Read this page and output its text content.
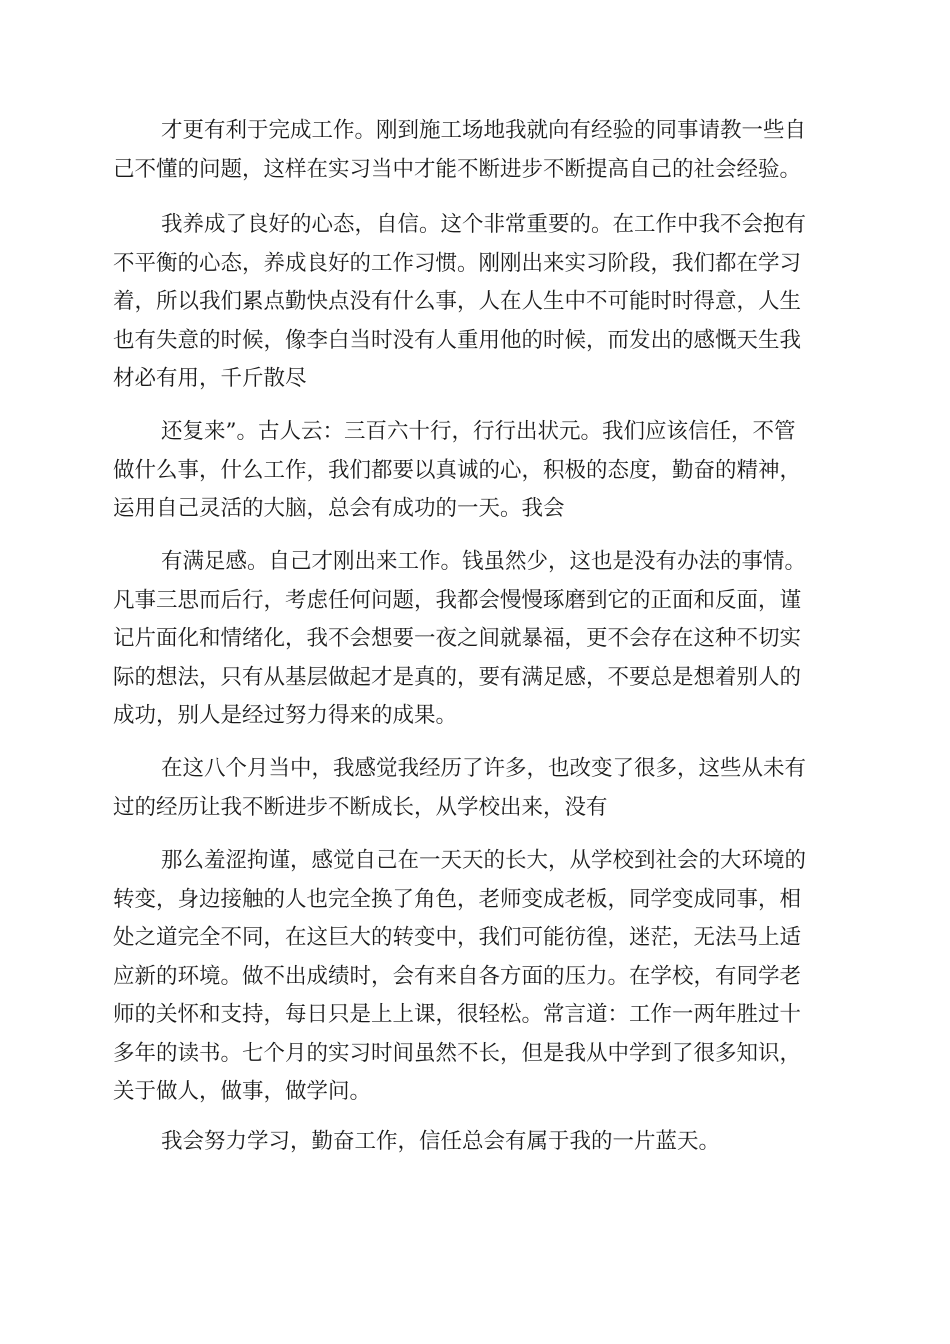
才更有利于完成工作。刚到施工场地我就向有经验的同事请教一些自
己不懂的问题，这样在实习当中才能不断进步不断提高自己的社会经验。
我养成了良好的心态，自信。这个非常重要的。在工作中我不会抱有
不平衡的心态，养成良好的工作习惯。刚刚出来实习阶段，我们都在学习
着，所以我们累点勤快点没有什么事，人在人生中不可能时时得意，人生
也有失意的时候，像李白当时没有人重用他的时候，而发出的感慨天生我
材必有用，千斤散尽
还复来”。古人云：三百六十行，行行出状元。我们应该信任，不管
做什么事，什么工作，我们都要以真诚的心，积极的态度，勤奋的精神，
运用自己灵活的大脑，总会有成功的一天。我会
有满足感。自己才刚出来工作。钱虽然少，这也是没有办法的事情。
凡事三思而后行，考虑任何问题，我都会慢慢琢磨到它的正面和反面，谨
记片面化和情绪化，我不会想要一夜之间就暴福，更不会存在这种不切实
际的想法，只有从基层做起才是真的，要有满足感，不要总是想着别人的
成功，别人是经过努力得来的成果。
在这八个月当中，我感觉我经历了许多，也改变了很多，这些从未有
过的经历让我不断进步不断成长，从学校出来，没有
那么羞涩拘谨，感觉自己在一天天的长大，从学校到社会的大环境的
转变，身边接触的人也完全换了角色，老师变成老板，同学变成同事，相
处之道完全不同，在这巨大的转变中，我们可能彷徨，迷茫，无法马上适
应新的环境。做不出成绩时，会有来自各方面的压力。在学校，有同学老
师的关怀和支持，每日只是上上课，很轻松。常言道：工作一两年胜过十
多年的读书。七个月的实习时间虽然不长，但是我从中学到了很多知识，
关于做人，做事，做学问。
我会努力学习，勤奋工作，信任总会有属于我的一片蓝天。
